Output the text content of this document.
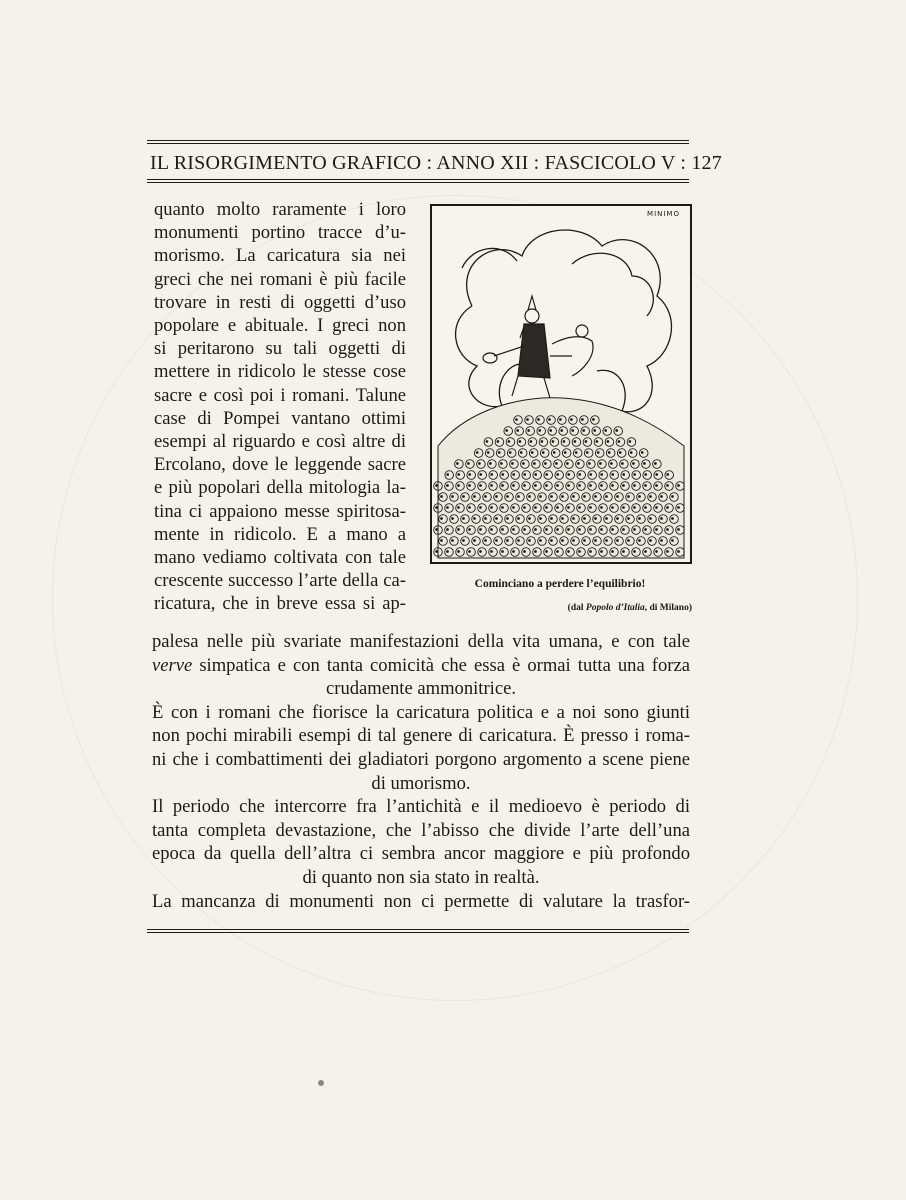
IL RISORGIMENTO GRAFICO : ANNO XII : FASCICOLO V : 127
quanto molto raramente i loro
monumenti portino tracce d’u-
morismo. La caricatura sia nei
greci che nei romani è più facile
trovare in resti di oggetti d’uso
popolare e abituale. I greci non
si peritarono su tali oggetti di
mettere in ridicolo le stesse cose
sacre e così poi i romani. Talune
case di Pompei vantano ottimi
esempi al riguardo e così altre di
Ercolano, dove le leggende sacre
e più popolari della mitologia la-
tina ci appaiono messe spiritosa-
mente in ridicolo. E a mano a
mano vediamo coltivata con tale
crescente successo l’arte della ca-
ricatura, che in breve essa si ap-
MINIMO
Cominciano a perdere l’equilibrio!
(dal Popolo d’Italia, di Milano)
palesa nelle più svariate manifestazioni della vita umana, e con tale
verve simpatica e con tanta comicità che essa è ormai tutta una forza
crudamente ammonitrice.
È con i romani che fiorisce la caricatura politica e a noi sono giunti
non pochi mirabili esempi di tal genere di caricatura. È presso i roma-
ni che i combattimenti dei gladiatori porgono argomento a scene piene
di umorismo.
Il periodo che intercorre fra l’antichità e il medioevo è periodo di
tanta completa devastazione, che l’abisso che divide l’arte dell’una
epoca da quella dell’altra ci sembra ancor maggiore e più profondo
di quanto non sia stato in realtà.
La mancanza di monumenti non ci permette di valutare la trasfor-
